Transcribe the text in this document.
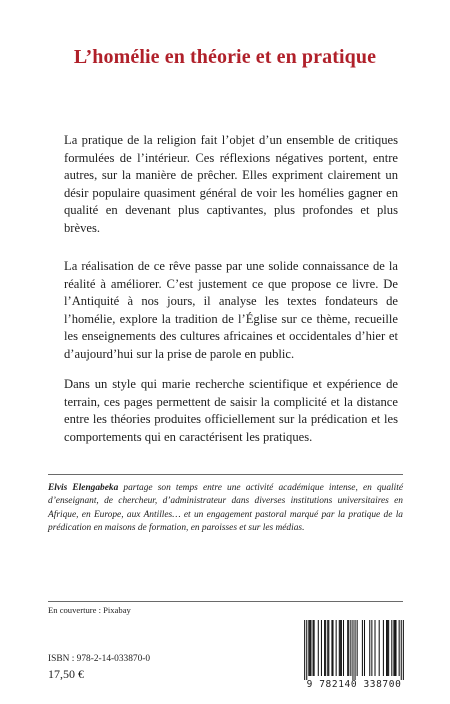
L’homélie en théorie et en pratique

La pratique de la religion fait l’objet d’un ensemble de critiques formulées de l’intérieur. Ces réflexions négatives portent, entre autres, sur la manière de prêcher. Elles expriment clairement un désir populaire quasiment général de voir les homélies gagner en qualité en devenant plus captivantes, plus profondes et plus brèves.

La réalisation de ce rêve passe par une solide connaissance de la réalité à améliorer. C’est justement ce que propose ce livre. De l’Antiquité à nos jours, il analyse les textes fondateurs de l’homélie, explore la tradition de l’Église sur ce thème, recueille les enseignements des cultures africaines et occidentales d’hier et d’aujourd’hui sur la prise de parole en public.

Dans un style qui marie recherche scientifique et expérience de terrain, ces pages permettent de saisir la complicité et la distance entre les théories produites officiellement sur la prédication et les comportements qui en caractérisent les pratiques.

Elvis Elengabeka partage son temps entre une activité académique intense, en qualité d’enseignant, de chercheur, d’administrateur dans diverses institutions universitaires en Afrique, en Europe, aux Antilles… et un engagement pastoral marqué par la pratique de la prédication en maisons de formation, en paroisses et sur les médias.

En couverture : Pixabay
ISBN : 978-2-14-033870-0
17,50 €
9 782140 338700
